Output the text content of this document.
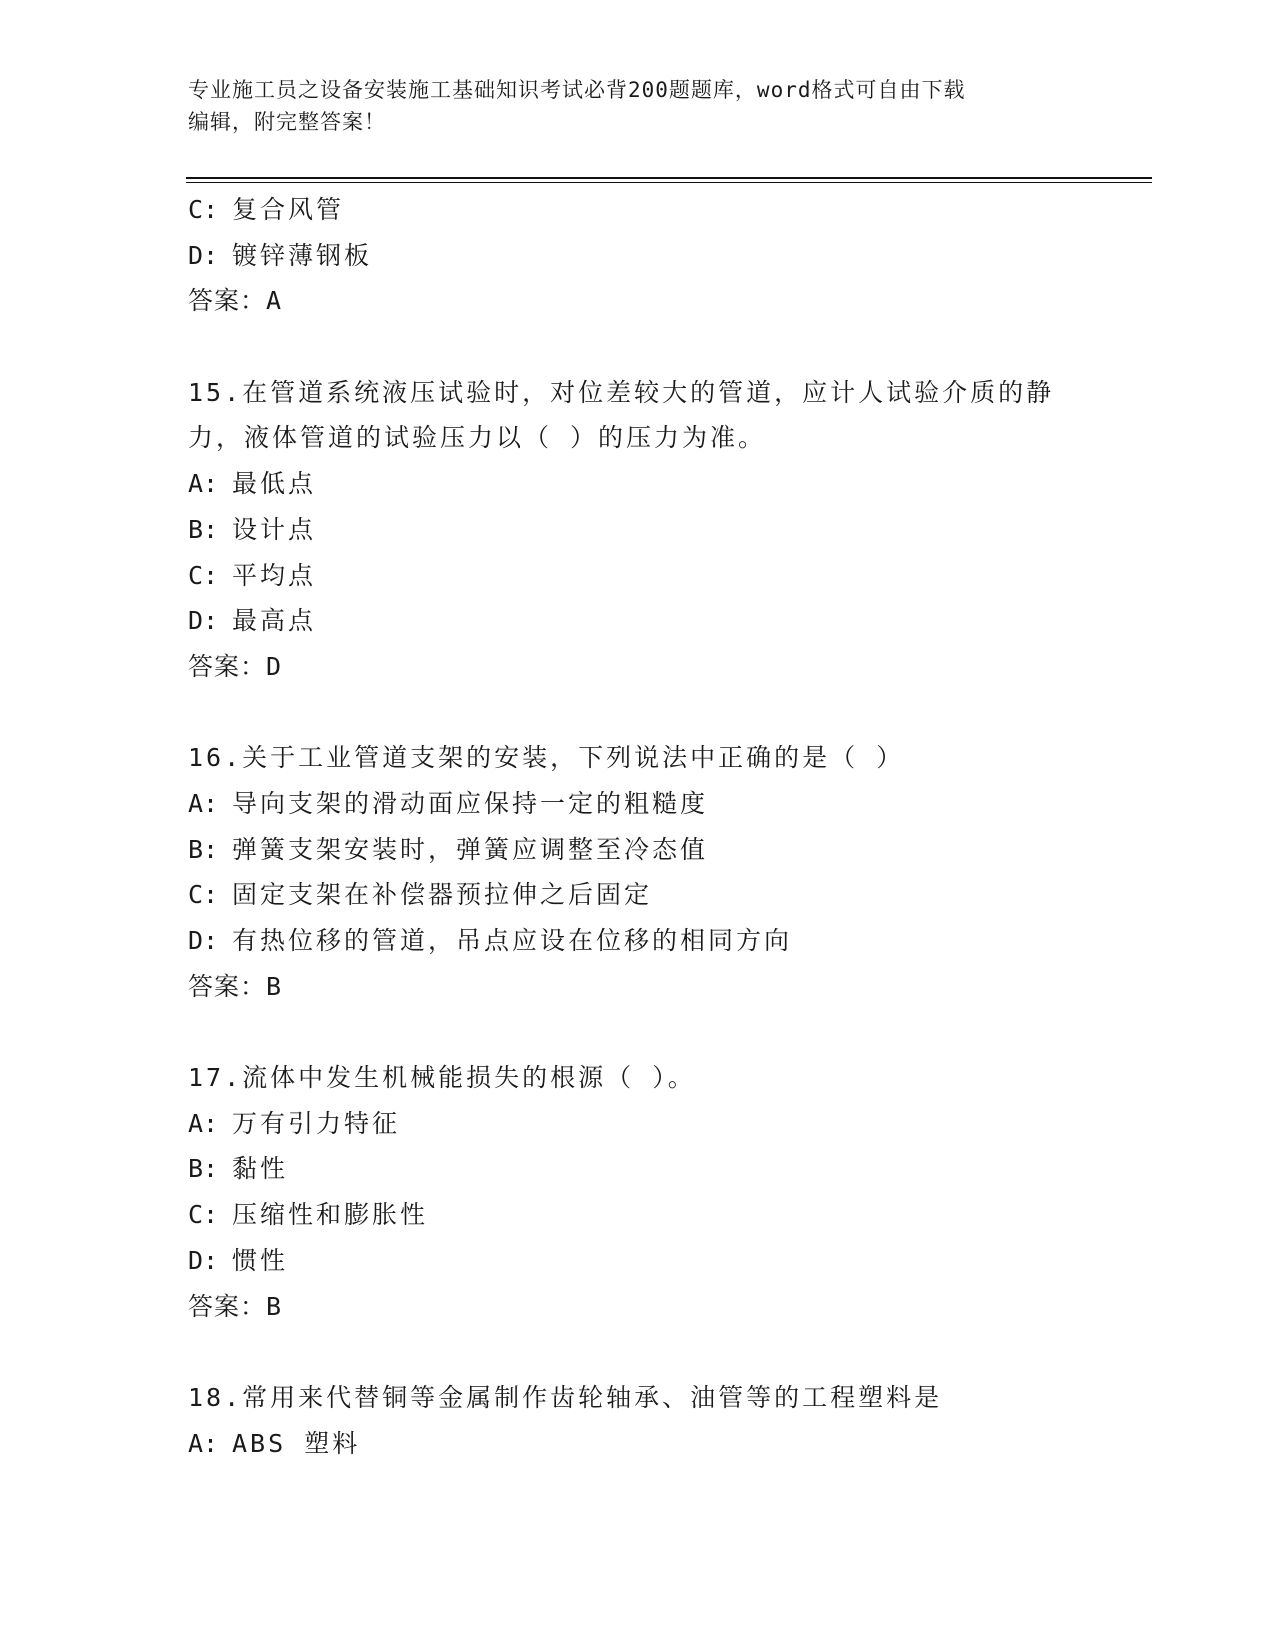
专业施工员之设备安装施工基础知识考试必背200题题库，word格式可自由下载
编辑，附完整答案！
C: 复合风管
D: 镀锌薄钢板
答案：A
15.在管道系统液压试验时，对位差较大的管道，应计人试验介质的静
力，液体管道的试验压力以（ ）的压力为准。
A: 最低点
B: 设计点
C: 平均点
D: 最高点
答案：D
16.关于工业管道支架的安装，下列说法中正确的是（ ）
A: 导向支架的滑动面应保持一定的粗糙度
B: 弹簧支架安装时，弹簧应调整至冷态值
C: 固定支架在补偿器预拉伸之后固定
D: 有热位移的管道，吊点应设在位移的相同方向
答案：B
17.流体中发生机械能损失的根源（ ）。
A: 万有引力特征
B: 黏性
C: 压缩性和膨胀性
D: 惯性
答案：B
18.常用来代替铜等金属制作齿轮轴承、油管等的工程塑料是
A: ABS 塑料
